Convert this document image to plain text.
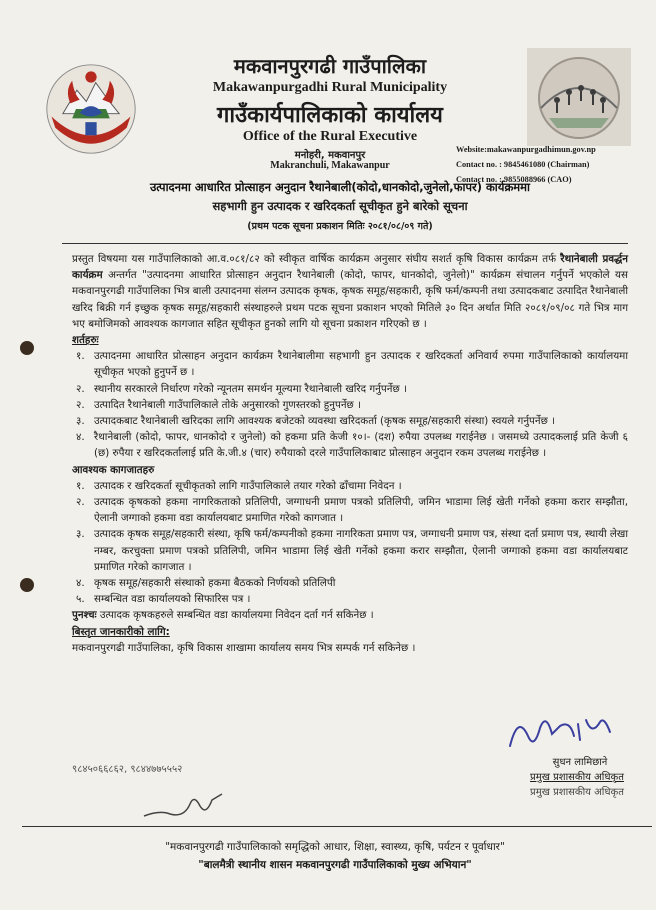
मकवानपुरगढी गाउँपालिका
Makawanpurgadhi Rural Municipality
गाउँकार्यपालिकाको कार्यालय
Office of the Rural Executive
मनोहरी, मकवानपुर
Makranchuli, Makawanpur
Website:makawanpurgadhimun.gov.np
Contact no. : 9845461080 (Chairman)
Contact no. : 9855088966 (CAO)
उत्पादनमा आधारित प्रोत्साहन अनुदान रैथानेबाली(कोदो,धानकोदो,जुनेलो,फापर) कार्यक्रममा
सहभागी हुन उत्पादक र खरिदकर्ता सूचीकृत हुने बारेको सूचना
(प्रथम पटक सूचना प्रकाशन मितिः २०८१/०८/०९ गते)

प्रस्तुत विषयमा यस गाउँपालिकाको आ.व.०८१/८२ को स्वीकृत वार्षिक कार्यक्रम अनुसार संघीय सशर्त कृषि विकास कार्यक्रम तर्फ रैथानेबाली प्रवर्द्धन कार्यक्रम अन्तर्गत "उत्पादनमा आधारित प्रोत्साहन अनुदान रैथानेबाली (कोदो, फापर, धानकोदो, जुनेलो)" कार्यक्रम संचालन गर्नुपर्ने भएकोले यस मकवानपुरगढी गाउँपालिका भित्र बाली उत्पादनमा संलग्न उत्पादक कृषक, कृषक समूह/सहकारी, कृषि फर्म/कम्पनी तथा उत्पादकबाट उत्पादित रैथानेबाली खरिद बिक्री गर्न इच्छुक कृषक समूह/सहकारी संस्थाहरुले प्रथम पटक सूचना प्रकाशन भएको मितिले ३० दिन अर्थात मिति २०८१/०९/०८ गते भित्र माग भए बमोजिमको आवश्यक कागजात सहित सूचीकृत हुनको लागि यो सूचना प्रकाशन गरिएको छ ।

शर्तहरुः

१. उत्पादनमा आधारित प्रोत्साहन अनुदान कार्यक्रम रैथानेबालीमा सहभागी हुन उत्पादक र खरिदकर्ता अनिवार्य रुपमा गाउँपालिकाको कार्यालयमा सूचीकृत भएको हुनुपर्ने छ ।
२. स्थानीय सरकारले निर्धारण गरेको न्यूनतम समर्थन मूल्यमा रैथानेबाली खरिद गर्नुपर्नेछ ।
२. उत्पादित रैथानेबाली गाउँपालिकाले तोके अनुसारको गुणस्तरको हुनुपर्नेछ ।
३. उत्पादकबाट रैथानेबाली खरिदका लागि आवश्यक बजेटको व्यवस्था खरिदकर्ता (कृषक समूह/सहकारी संस्था) स्वयले गर्नुपर्नेछ ।
४. रैथानेबाली (कोदो, फापर, धानकोदो र जुनेलो) को हकमा प्रति केजी १०।- (दश) रुपैया उपलब्ध गराईनेछ । जसमध्ये उत्पादकलाई प्रति केजी ६ (छ) रुपैया र खरिदकर्तालाई प्रति के.जी.४ (चार) रुपैयाको दरले गाउँपालिकाबाट प्रोत्साहन अनुदान रकम उपलब्ध गराईनेछ ।

आवश्यक कागजातहरु

१. उत्पादक र खरिदकर्ता सूचीकृतको लागि गाउँपालिकाले तयार गरेको ढाँचामा निवेदन ।
२. उत्पादक कृषकको हकमा नागरिकताको प्रतिलिपी, जग्गाधनी प्रमाण पत्रको प्रतिलिपी, जमिन भाडामा लिई खेती गर्नेको हकमा करार सम्झौता, ऐलानी जग्गाको हकमा वडा कार्यालयबाट प्रमाणित गरेको कागजात ।
३. उत्पादक कृषक समूह/सहकारी संस्था, कृषि फर्म/कम्पनीको हकमा नागरिकता प्रमाण पत्र, जग्गाधनी प्रमाण पत्र, संस्था दर्ता प्रमाण पत्र, स्थायी लेखा नम्बर, करचुक्ता प्रमाण पत्रको प्रतिलिपी, जमिन भाडामा लिई खेती गर्नेको हकमा करार सम्झौता, ऐलानी जग्गाको हकमा वडा कार्यालयबाट प्रमाणित गरेको कागजात ।
४. कृषक समूह/सहकारी संस्थाको हकमा बैठकको निर्णयको प्रतिलिपी
५. सम्बन्धित वडा कार्यालयको सिफारिस पत्र ।

पुनश्चः उत्पादक कृषकहरुले सम्बन्धित वडा कार्यालयमा निवेदन दर्ता गर्न सकिनेछ ।

बिस्तृत जानकारीको लागि:

मकवानपुरगढी गाउँपालिका, कृषि विकास शाखामा कार्यालय समय भित्र सम्पर्क गर्न सकिनेछ ।

९८४५०६६८६२, ९८४४७७५५५२
सुधन लामिछाने
प्रमुख प्रशासकीय अधिकृत
प्रमुख प्रशासकीय अधिकृत
"मकवानपुरगढी गाउँपालिकाको समृद्धिको आधार, शिक्षा, स्वास्थ्य, कृषि, पर्यटन र पूर्वाधार"
"बालमैत्री स्थानीय शासन मकवानपुरगढी गाउँपालिकाको मुख्य अभियान"
